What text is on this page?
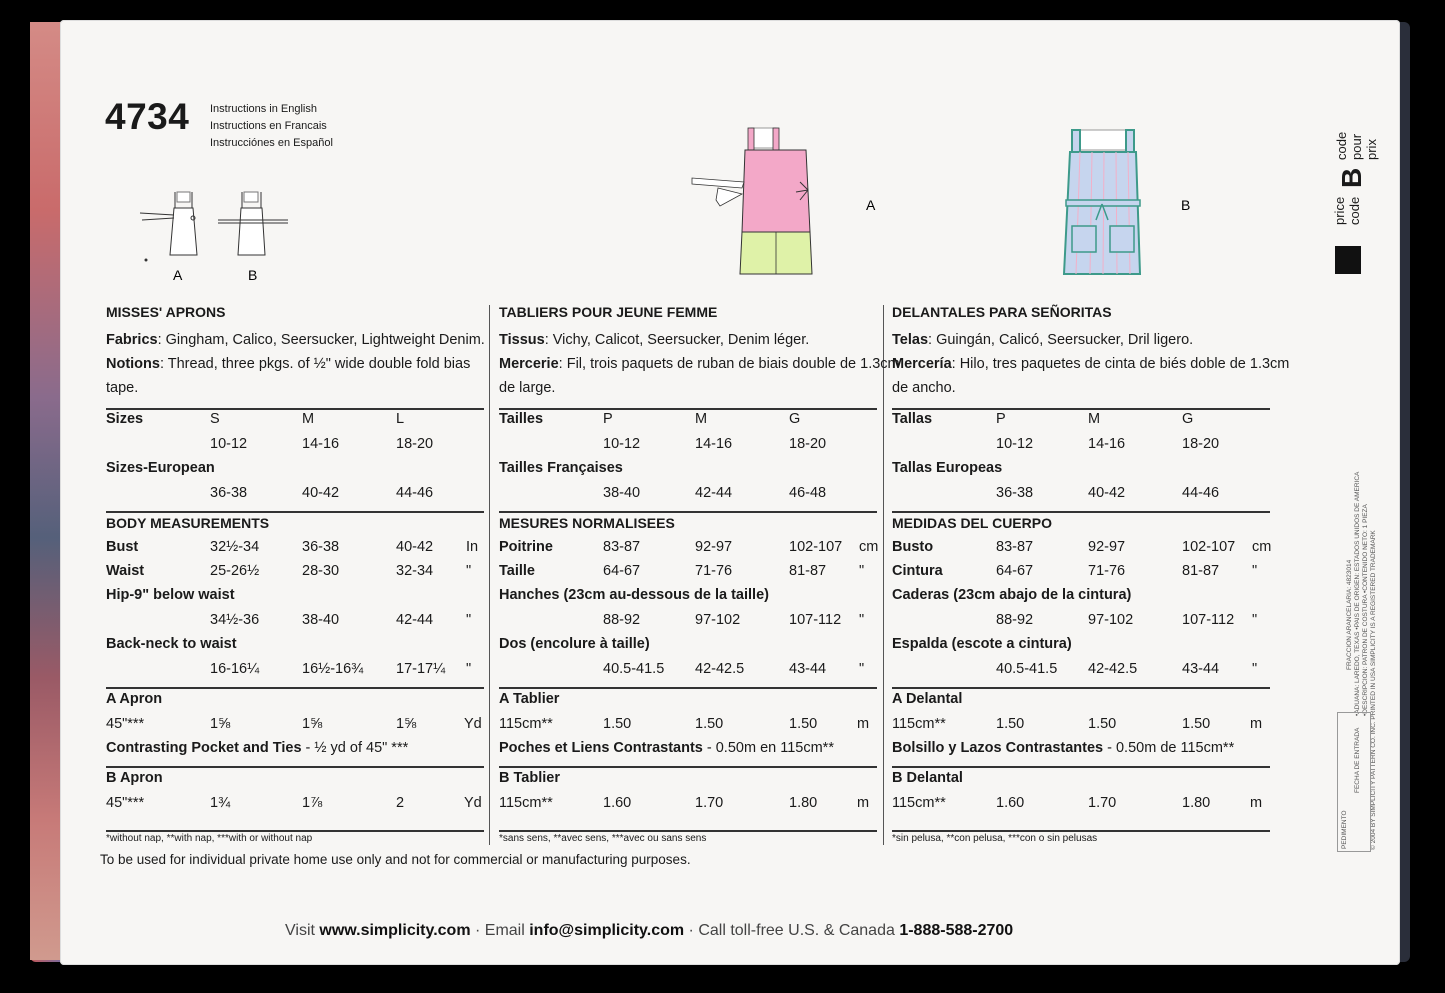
4734 Instructions in English
Instructions en Francais
Instrucciónes en Español
A	B
A	B
MISSES' APRONS
Fabrics: Gingham, Calico, Seersucker, Lightweight Denim.
Notions: Thread, three pkgs. of ½" wide double fold bias
tape.
Sizes	S	M	L
10-12	14-16	18-20
Sizes-European
36-38	40-42	44-46
BODY MEASUREMENTS
Bust	32½-34	36-38	40-42 In
Waist	25-26½	28-30	32-34 "
Hip-9" below waist
34½-36	38-40	42-44 "
Back-neck to waist
16-16¼	16½-16¾ 17-17¼ "
A Apron
45"***	1⅝	1⅝	1⅝	Yd
Contrasting Pocket and Ties - ½ yd of 45" ***
B Apron
45"***	1¾	1⅞	2	Yd
*without nap, **with nap, ***with or without nap
TABLIERS POUR JEUNE FEMME
Tissus: Vichy, Calicot, Seersucker, Denim léger.
Mercerie: Fil, trois paquets de ruban de biais double de 1.3cm
de large.
Tailles	P	M	G
10-12	14-16	18-20
Tailles Françaises
38-40	42-44	46-48
MESURES NORMALISEES
Poitrine	83-87	92-97	102-107 cm
Taille	64-67	71-76	81-87 "
Hanches (23cm au-dessous de la taille)
88-92	97-102	107-112 "
Dos (encolure à taille)
40.5-41.5 42-42.5	43-44 "
A Tablier
115cm**	1.50	1.50	1.50	m
Poches et Liens Contrastants - 0.50m en 115cm**
B Tablier
115cm**	1.60	1.70	1.80	m
*sans sens, **avec sens, ***avec ou sans sens
DELANTALES PARA SEÑORITAS
Telas: Guingán, Calicó, Seersucker, Dril ligero.
Mercería: Hilo, tres paquetes de cinta de biés doble de 1.3cm
de ancho.
Tallas	P	M	G
10-12	14-16	18-20
Tallas Europeas
36-38	40-42	44-46
MEDIDAS DEL CUERPO
Busto	83-87	92-97	102-107 cm
Cintura	64-67	71-76	81-87 "
Caderas (23cm abajo de la cintura)
88-92	97-102	107-112 "
Espalda (escote a cintura)
40.5-41.5 42-42.5	43-44 "
A Delantal
115cm**	1.50	1.50	1.50	m
Bolsillo y Lazos Contrastantes - 0.50m de 115cm**
B Delantal
115cm**	1.60	1.70	1.80	m
*sin pelusa, **con pelusa, ***con o sin pelusas
To be used for individual private home use only and not for commercial or manufacturing purposes.
Visit www.simplicity.com · Email info@simplicity.com · Call toll-free U.S. & Canada 1-888-588-2700
price
code
B
code
pour
prix
FRACCION ARANCELARIA: 4823014 •ADUANA: LAREDO, TEXAS •PAIS DE ORIGEN: ESTADOS UNIDOS DE AMERICA •DESCRIPCION: PATRON DE COSTURA •CONTENIDO NETO: 1 PIEZA © 2004 BY SIMPLICITY PATTERN CO. INC. PRINTED IN USA SIMPLICITY IS A REGISTERED TRADEMARK
PEDIMENTO
FECHA DE ENTRADA
